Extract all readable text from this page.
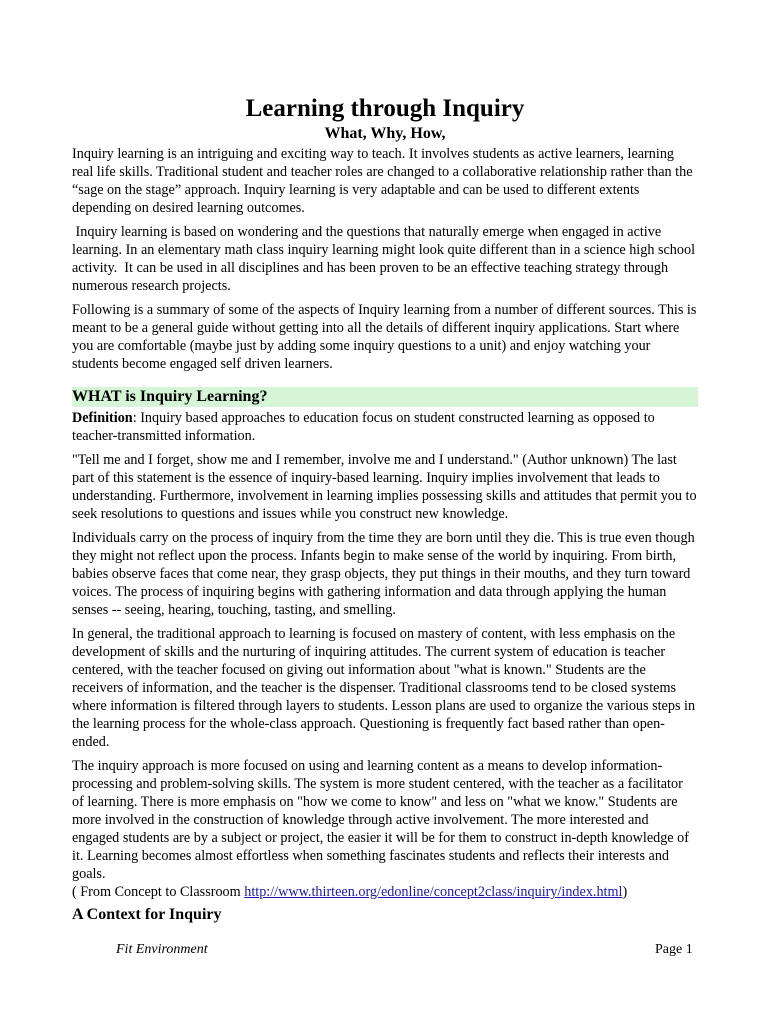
Learning through Inquiry
What, Why, How,

Inquiry learning is an intriguing and exciting way to teach. It involves students as active learners, learning real life skills. Traditional student and teacher roles are changed to a collaborative relationship rather than the “sage on the stage” approach. Inquiry learning is very adaptable and can be used to different extents depending on desired learning outcomes.

Inquiry learning is based on wondering and the questions that naturally emerge when engaged in active learning. In an elementary math class inquiry learning might look quite different than in a science high school activity.  It can be used in all disciplines and has been proven to be an effective teaching strategy through numerous research projects.

Following is a summary of some of the aspects of Inquiry learning from a number of different sources. This is meant to be a general guide without getting into all the details of different inquiry applications. Start where you are comfortable (maybe just by adding some inquiry questions to a unit) and enjoy watching your students become engaged self driven learners.

WHAT is Inquiry Learning?

Definition: Inquiry based approaches to education focus on student constructed learning as opposed to teacher-transmitted information.

"Tell me and I forget, show me and I remember, involve me and I understand." (Author unknown) The last part of this statement is the essence of inquiry-based learning. Inquiry implies involvement that leads to understanding. Furthermore, involvement in learning implies possessing skills and attitudes that permit you to seek resolutions to questions and issues while you construct new knowledge.

Individuals carry on the process of inquiry from the time they are born until they die. This is true even though they might not reflect upon the process. Infants begin to make sense of the world by inquiring. From birth, babies observe faces that come near, they grasp objects, they put things in their mouths, and they turn toward voices. The process of inquiring begins with gathering information and data through applying the human senses -- seeing, hearing, touching, tasting, and smelling.

In general, the traditional approach to learning is focused on mastery of content, with less emphasis on the development of skills and the nurturing of inquiring attitudes. The current system of education is teacher centered, with the teacher focused on giving out information about "what is known." Students are the receivers of information, and the teacher is the dispenser. Traditional classrooms tend to be closed systems where information is filtered through layers to students. Lesson plans are used to organize the various steps in the learning process for the whole-class approach. Questioning is frequently fact based rather than open-ended.

The inquiry approach is more focused on using and learning content as a means to develop information-processing and problem-solving skills. The system is more student centered, with the teacher as a facilitator of learning. There is more emphasis on "how we come to know" and less on "what we know." Students are more involved in the construction of knowledge through active involvement. The more interested and engaged students are by a subject or project, the easier it will be for them to construct in-depth knowledge of it. Learning becomes almost effortless when something fascinates students and reflects their interests and goals.
( From Concept to Classroom http://www.thirteen.org/edonline/concept2class/inquiry/index.html)

A Context for Inquiry
Fit Environment	Page 1
